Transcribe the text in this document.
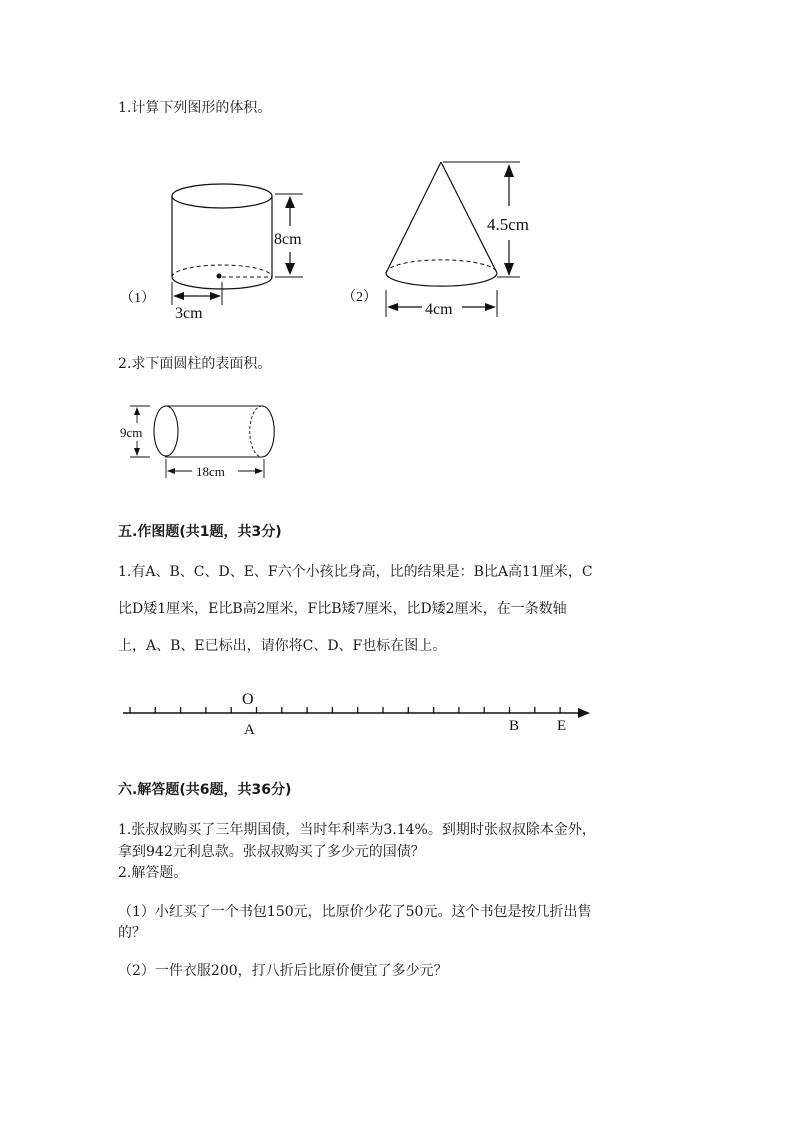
1.计算下列图形的体积。
8cm
3cm
（1）
4.5cm
4cm
（2）
9cm
18cm
O
A	B	E
2.求下面圆柱的表面积。
五.作图题(共1题，共3分)
1.有A、B、C、D、E、F六个小孩比身高，比的结果是：B比A高11厘米，C
比D矮1厘米，E比B高2厘米，F比B矮7厘米，比D矮2厘米，在一条数轴
上，A、B、E已标出，请你将C、D、F也标在图上。
六.解答题(共6题，共36分)
1.张叔叔购买了三年期国债，当时年利率为3.14%。到期时张叔叔除本金外，
拿到942元利息款。张叔叔购买了多少元的国债？
2.解答题。
（1）小红买了一个书包150元，比原价少花了50元。这个书包是按几折出售
的？
（2）一件衣服200，打八折后比原价便宜了多少元？
